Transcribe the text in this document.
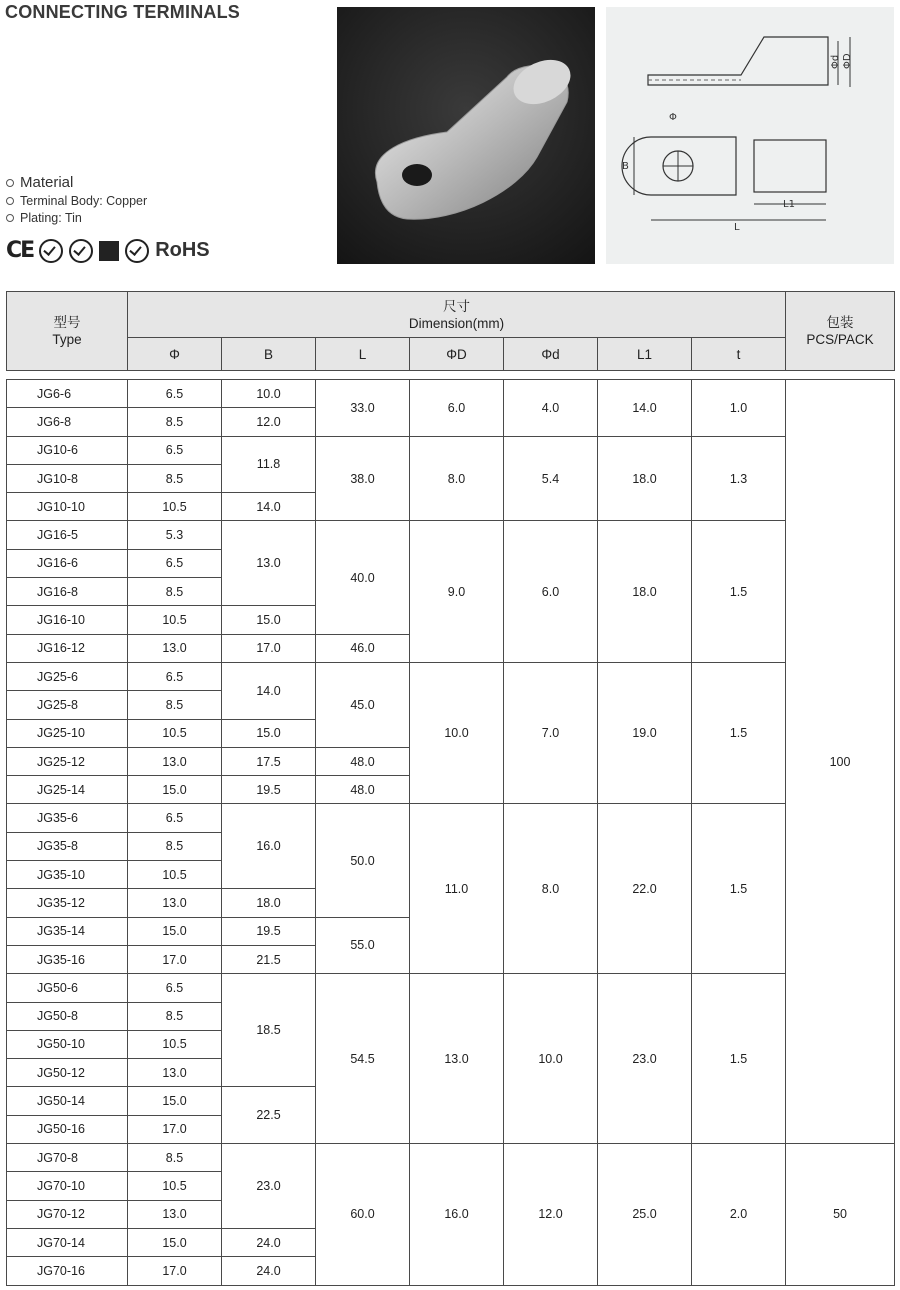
CONNECTING TERMINALS
Material
Terminal Body: Copper
Plating: Tin
CE	RoHS
Φd ΦD
Φ
B
L1
L
型号
Type	尺寸
Dimension(mm)							包装
PCS/PACK

	Φ	B	L	ΦD	Φd	L1	t	

JG6-6	6.5	10.0	33.0	6.0	4.0	14.0	1.0	100
JG6-8	8.5	12.0						
JG10-6	6.5	11.8	38.0	8.0	5.4	18.0	1.3	
JG10-8	8.5							
JG10-10	10.5	14.0						
JG16-5	5.3	13.0	40.0	9.0	6.0	18.0	1.5	
JG16-6	6.5							
JG16-8	8.5							
JG16-10	10.5	15.0						
JG16-12	13.0	17.0	46.0					
JG25-6	6.5	14.0	45.0	10.0	7.0	19.0	1.5	
JG25-8	8.5							
JG25-10	10.5	15.0						
JG25-12	13.0	17.5	48.0					
JG25-14	15.0	19.5	48.0					
JG35-6	6.5	16.0	50.0	11.0	8.0	22.0	1.5	
JG35-8	8.5							
JG35-10	10.5							
JG35-12	13.0	18.0						
JG35-14	15.0	19.5	55.0					
JG35-16	17.0	21.5						
JG50-6	6.5	18.5	54.5	13.0	10.0	23.0	1.5	
JG50-8	8.5							
JG50-10	10.5							
JG50-12	13.0							
JG50-14	15.0	22.5						
JG50-16	17.0							
JG70-8	8.5	23.0	60.0	16.0	12.0	25.0	2.0	50
JG70-10	10.5							
JG70-12	13.0							
JG70-14	15.0	24.0						
JG70-16	17.0	24.0						
